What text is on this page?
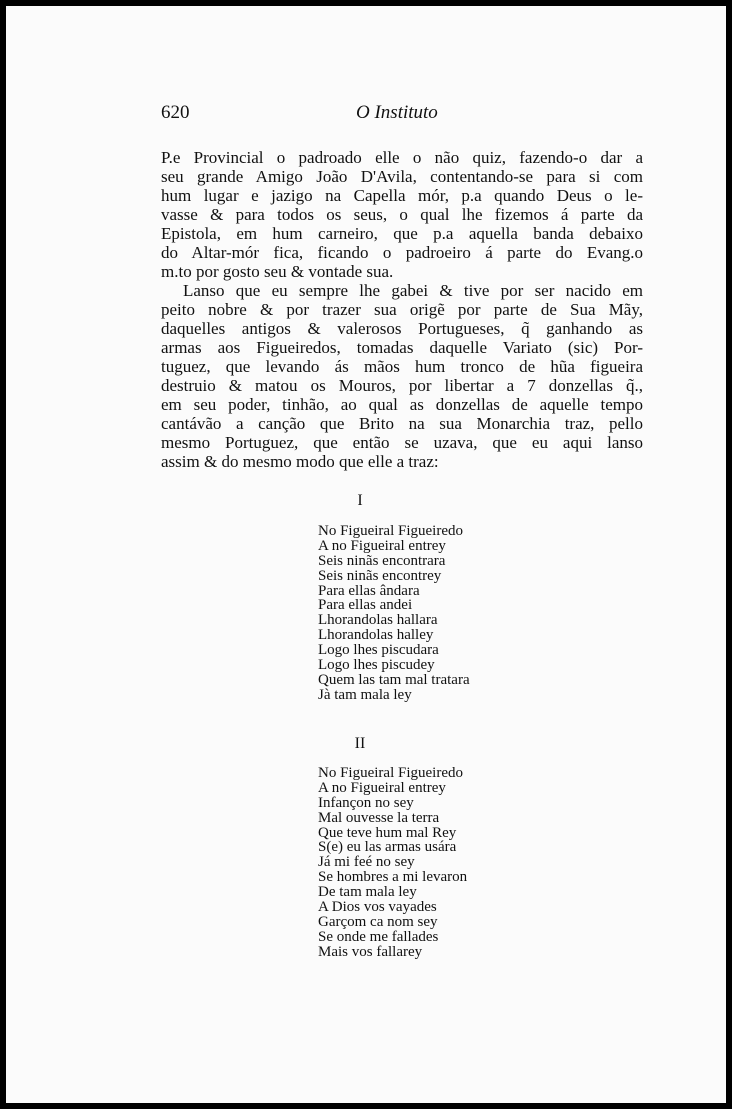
620	O Instituto
P.e Provincial o padroado elle o não quiz, fazendo-o dar a
seu grande Amigo João D'Avila, contentando-se para si com
hum lugar e jazigo na Capella mór, p.a quando Deus o le-
vasse & para todos os seus, o qual lhe fizemos á parte da
Epistola, em hum carneiro, que p.a aquella banda debaixo
do Altar-mór fica, ficando o padroeiro á parte do Evang.o
m.to por gosto seu & vontade sua.
Lanso que eu sempre lhe gabei & tive por ser nacido em
peito nobre & por trazer sua origẽ por parte de Sua Mãy,
daquelles antigos & valerosos Portugueses, q̃ ganhando as
armas aos Figueiredos, tomadas daquelle Variato (sic) Por-
tuguez, que levando ás mãos hum tronco de hũa figueira
destruio & matou os Mouros, por libertar a 7 donzellas q̃.,
em seu poder, tinhão, ao qual as donzellas de aquelle tempo
cantávão a canção que Brito na sua Monarchia traz, pello
mesmo Portuguez, que então se uzava, que eu aqui lanso
assim & do mesmo modo que elle a traz:
I
No Figueiral Figueiredo
A no Figueiral entrey
Seis ninãs encontrara
Seis ninãs encontrey
Para ellas ândara
Para ellas andei
Lhorandolas hallara
Lhorandolas halley
Logo lhes piscudara
Logo lhes piscudey
Quem las tam mal tratara
Jà tam mala ley
II
No Figueiral Figueiredo
A no Figueiral entrey
Infançon no sey
Mal ouvesse la terra
Que teve hum mal Rey
S(e) eu las armas usára
Já mi feé no sey
Se hombres a mi levaron
De tam mala ley
A Dios vos vayades
Garçom ca nom sey
Se onde me fallades
Mais vos fallarey
